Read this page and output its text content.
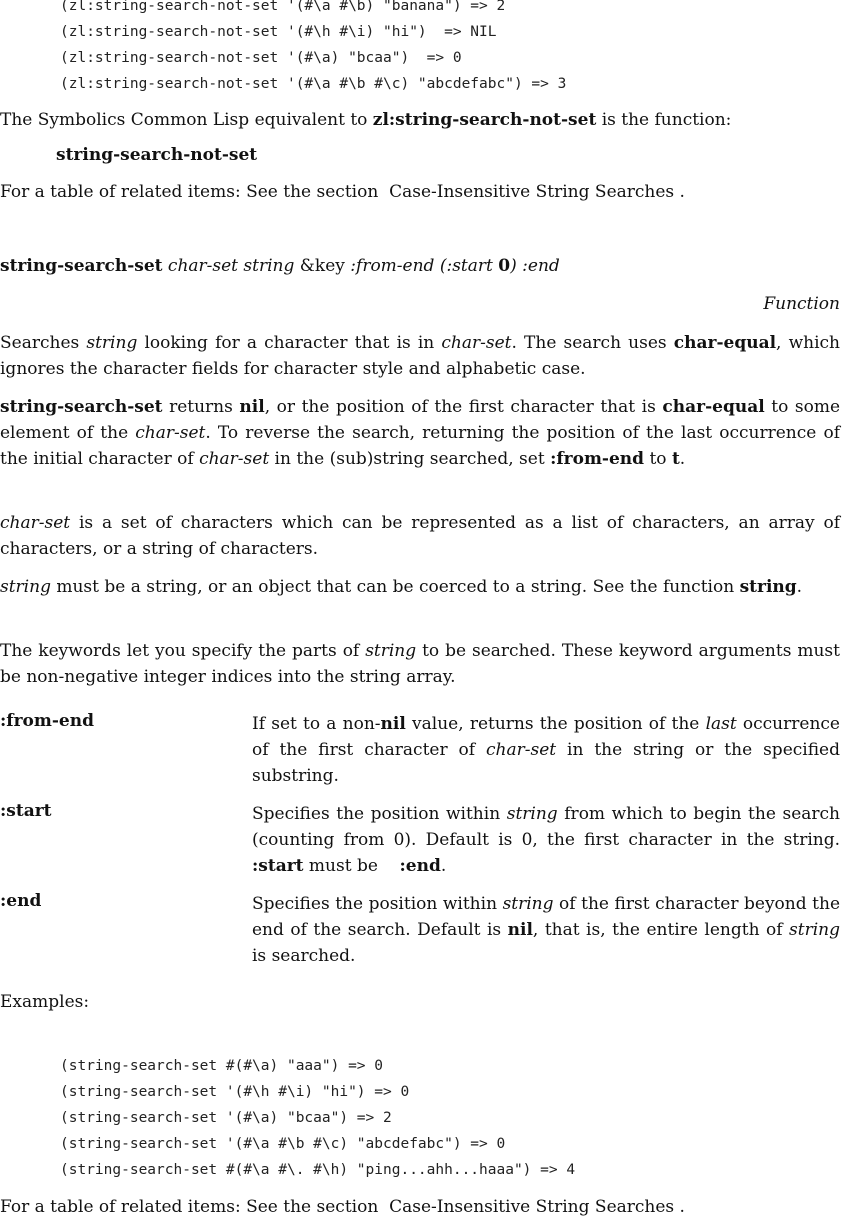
(zl:string-search-not-set '(#\a #\b) "banana") => 2
(zl:string-search-not-set '(#\h #\i) "hi")  => NIL
(zl:string-search-not-set '(#\a) "bcaa")  => 0
(zl:string-search-not-set '(#\a #\b #\c) "abcdefabc") => 3
The Symbolics Common Lisp equivalent to zl:string-search-not-set is the function:
string-search-not-set
For a table of related items: See the section  Case-Insensitive String Searches .
string-search-set char-set string &key :from-end (:start 0) :end
Function
Searches string looking for a character that is in char-set. The search uses char-equal, which ignores the character fields for character style and alphabetic case.
string-search-set returns nil, or the position of the first character that is char-equal to some element of the char-set. To reverse the search, returning the position of the last occurrence of the initial character of char-set in the (sub)string searched, set :from-end to t.
char-set is a set of characters which can be represented as a list of characters, an array of characters, or a string of characters.
string must be a string, or an object that can be coerced to a string. See the function string.
The keywords let you specify the parts of string to be searched. These keyword arguments must be non-negative integer indices into the string array.
:from-end	If set to a non-nil value, returns the position of the last occurrence of the first character of char-set in the string or the specified substring.
:start	Specifies the position within string from which to begin the search (counting from 0). Default is 0, the first character in the string. :start must be    :end.
:end	Specifies the position within string of the first character beyond the end of the search. Default is nil, that is, the entire length of string is searched.
Examples:
(string-search-set #(#\a) "aaa") => 0
(string-search-set '(#\h #\i) "hi") => 0
(string-search-set '(#\a) "bcaa") => 2
(string-search-set '(#\a #\b #\c) "abcdefabc") => 0
(string-search-set #(#\a #\. #\h) "ping...ahh...haaa") => 4
For a table of related items: See the section  Case-Insensitive String Searches .
